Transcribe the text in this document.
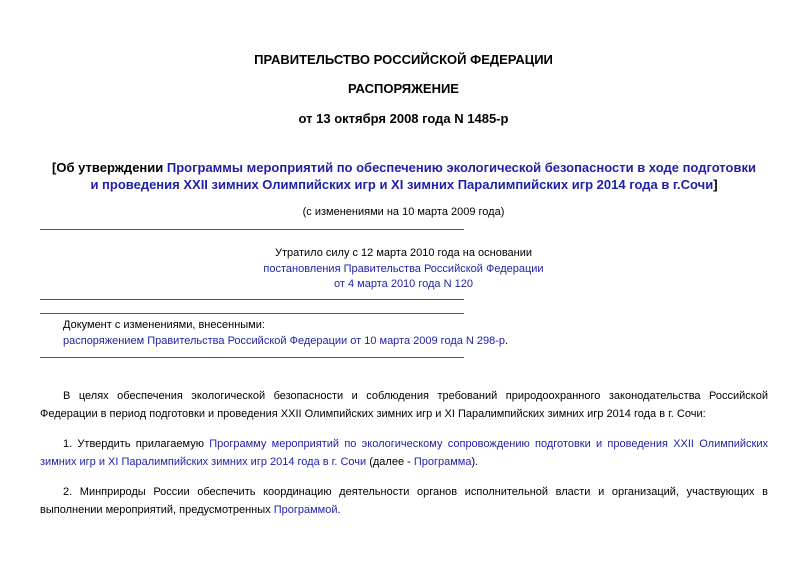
ПРАВИТЕЛЬСТВО РОССИЙСКОЙ ФЕДЕРАЦИИ
РАСПОРЯЖЕНИЕ
от 13 октября 2008 года N 1485-р
[Об утверждении Программы мероприятий по обеспечению экологической безопасности в ходе подготовки
и проведения XXII зимних Олимпийских игр и XI зимних Паралимпийских игр 2014 года в г.Сочи]
(с изменениями на 10 марта 2009 года)
Утратило силу с 12 марта 2010 года на основании
постановления Правительства Российской Федерации
от 4 марта 2010 года N 120
Документ с изменениями, внесенными:
распоряжением Правительства Российской Федерации от 10 марта 2009 года N 298-р.

В целях обеспечения экологической безопасности и соблюдения требований природоохранного законодательства Российской Федерации в период подготовки и проведения XXII Олимпийских зимних игр и XI Паралимпийских зимних игр 2014 года в г. Сочи:

1. Утвердить прилагаемую Программу мероприятий по экологическому сопровождению подготовки и проведения XXII Олимпийских зимних игр и XI Паралимпийских зимних игр 2014 года в г. Сочи (далее - Программа).

2. Минприроды России обеспечить координацию деятельности органов исполнительной власти и организаций, участвующих в выполнении мероприятий, предусмотренных Программой.
